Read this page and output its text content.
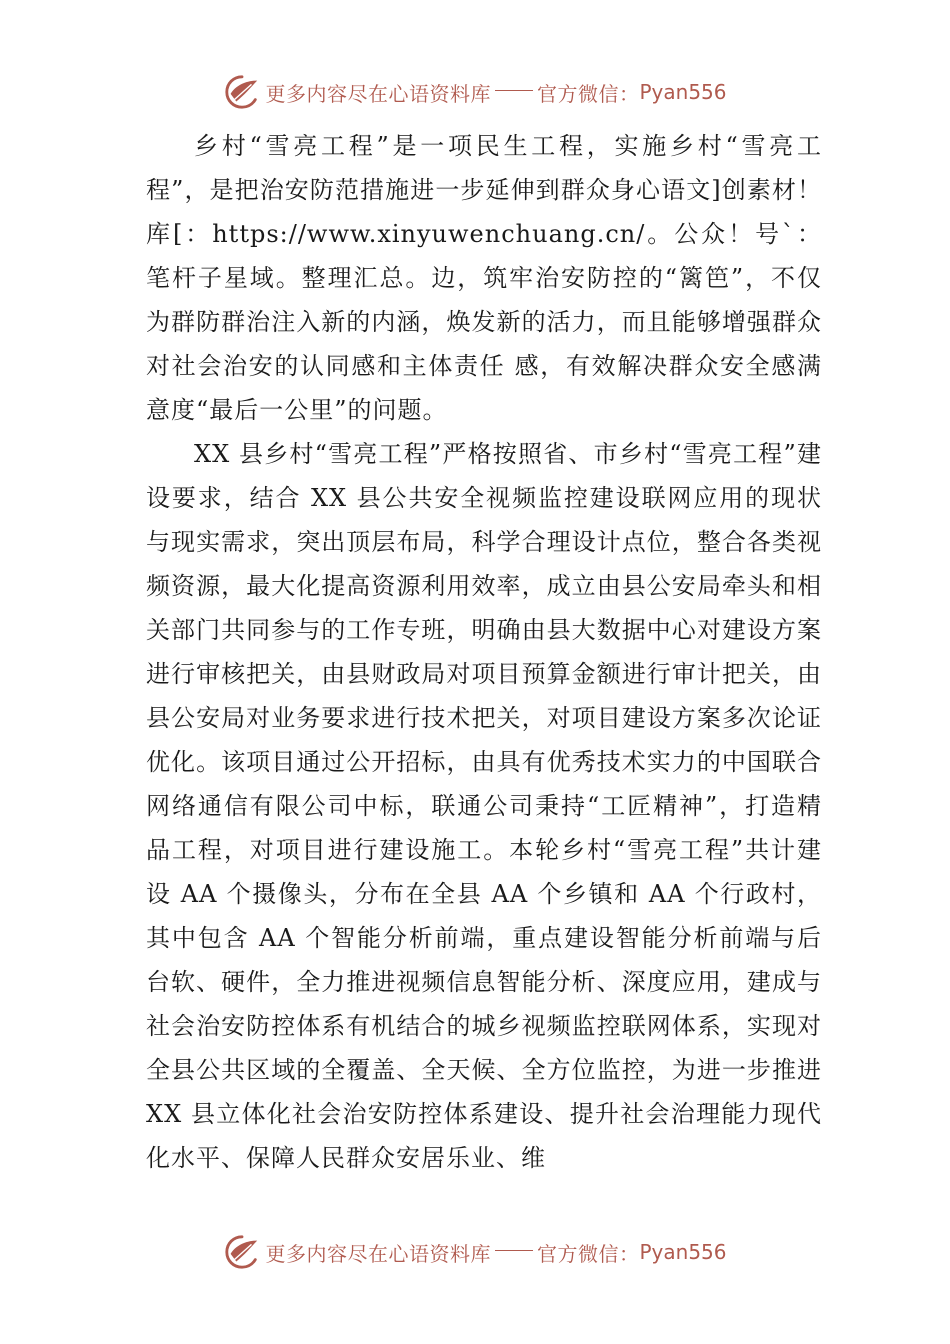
更多内容尽在心语资料库 官方微信： Pyan556

乡村“雪亮工程”是一项民生工程，实施乡村“雪亮工程”，是把治安防范措施进一步延伸到群众身心语文]创素材！库[：https://www.xinyuwenchuang.cn/。公众！号`：笔杆子星域。整理汇总。边，筑牢治安防控的“篱笆”，不仅为群防群治注入新的内涵，焕发新的活力，而且能够增强群众对社会治安的认同感和主体责任 感，有效解决群众安全感满意度“最后一公里”的问题。

XX 县乡村“雪亮工程”严格按照省、市乡村“雪亮工程”建设要求，结合 XX 县公共安全视频监控建设联网应用的现状与现实需求，突出顶层布局，科学合理设计点位，整合各类视频资源，最大化提高资源利用效率，成立由县公安局牵头和相关部门共同参与的工作专班，明确由县大数据中心对建设方案进行审核把关，由县财政局对项目预算金额进行审计把关，由县公安局对业务要求进行技术把关，对项目建设方案多次论证优化。该项目通过公开招标，由具有优秀技术实力的中国联合网络通信有限公司中标，联通公司秉持“工匠精神”，打造精品工程，对项目进行建设施工。本轮乡村“雪亮工程”共计建设 AA 个摄像头，分布在全县 AA 个乡镇和 AA 个行政村，其中包含 AA 个智能分析前端，重点建设智能分析前端与后台软、硬件，全力推进视频信息智能分析、深度应用，建成与社会治安防控体系有机结合的城乡视频监控联网体系，实现对全县公共区域的全覆盖、全天候、全方位监控，为进一步推进 XX 县立体化社会治安防控体系建设、提升社会治理能力现代化水平、保障人民群众安居乐业、维

更多内容尽在心语资料库 官方微信： Pyan556
